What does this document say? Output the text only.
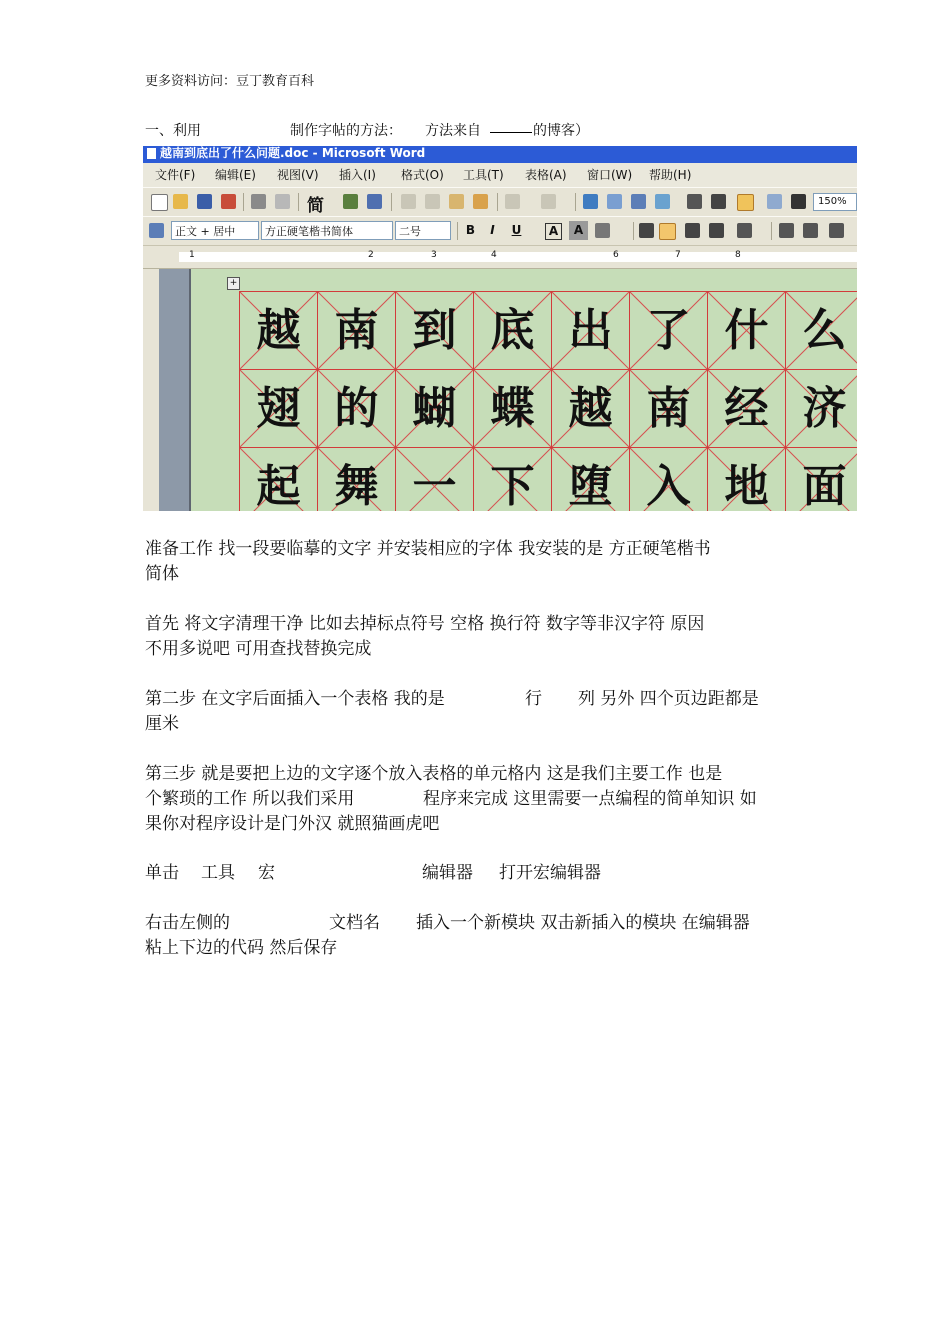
更多资料访问：豆丁教育百科
一、利用	制作字帖的方法： 方法来自	的博客）
越南到底出了什么问题.doc - Microsoft Word
文件(F) 编辑(E) 视图(V) 插入(I) 格式(O) 工具(T) 表格(A) 窗口(W) 帮助(H)
简	150%
正文 + 居中	方正硬笔楷书简体	二号	B	I	U	A	A
1	2	3	4	6	7	8
+
越 南 到 底 出 了 什 么
翅 的 蝴 蝶 越 南 经 济
起 舞 一 下 堕 入 地 面
准备工作 找一段要临摹的文字 并安装相应的字体 我安装的是 方正硬笔楷书
简体
首先 将文字清理干净 比如去掉标点符号 空格 换行符 数字等非汉字符 原因
不用多说吧 可用查找替换完成
第二步 在文字后面插入一个表格 我的是	行 列 另外 四个页边距都是
厘米
第三步 就是要把上边的文字逐个放入表格的单元格内 这是我们主要工作 也是
个繁琐的工作 所以我们采用	程序来完成 这里需要一点编程的简单知识 如
果你对程序设计是门外汉 就照猫画虎吧
单击 工具 宏	编辑器 打开宏编辑器
右击左侧的	文档名 插入一个新模块 双击新插入的模块 在编辑器
粘上下边的代码 然后保存
